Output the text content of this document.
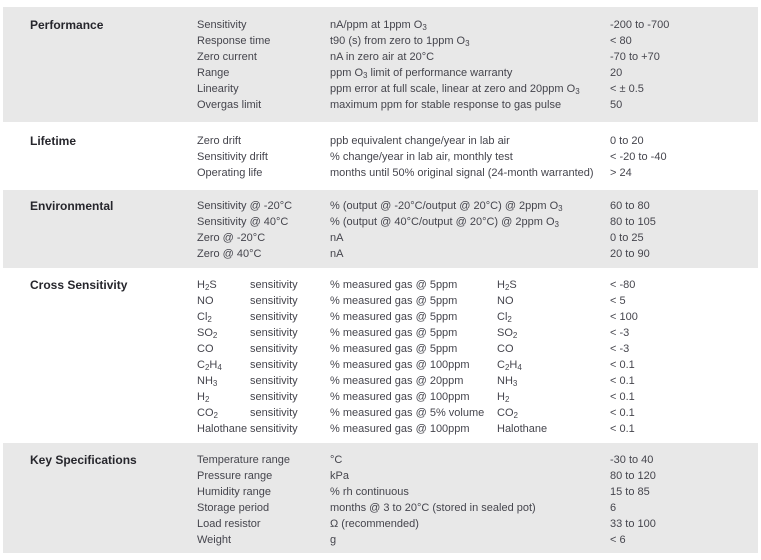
Performance	Sensitivity	nA/ppm at 1ppm $O_3$	-200 to -700
Response time	t90 (s) from zero to 1ppm $O_3$	< 80
Zero current	nA in zero air at 20°C	-70 to +70
Range	ppm $O_3$ limit of performance warranty	20
Linearity	ppm error at full scale, linear at zero and 20ppm $O_3$	< ± 0.5
Overgas limit	maximum ppm for stable response to gas pulse	50
Lifetime	Zero drift	ppb equivalent change/year in lab air	0 to 20
Sensitivity drift	% change/year in lab air, monthly test	< -20 to -40
Operating life	months until 50% original signal (24-month warranted)	> 24
Environmental	Sensitivity @ -20°C	% (output @ -20°C/output @ 20°C) @ 2ppm $O_3$	60 to 80
Sensitivity @ 40°C	% (output @ 40°C/output @ 20°C) @ 2ppm $O_3$	80 to 105
Zero @ -20°C	nA	0 to 25
Zero @ 40°C	nA	20 to 90
Cross Sensitivity	$H_2S$	sensitivity	% measured gas @ 5ppm	$H_2S$	< -80
NO	sensitivity	% measured gas @ 5ppm	NO	< 5
$Cl_2$	sensitivity	% measured gas @ 5ppm	$Cl_2$	< 100
$SO_2$	sensitivity	% measured gas @ 5ppm	$SO_2$	< -3
CO	sensitivity	% measured gas @ 5ppm	CO	< -3
$C_2H_4$	sensitivity	% measured gas @ 100ppm	$C_2H_4$	< 0.1
$NH_3$	sensitivity	% measured gas @ 20ppm	$NH_3$	< 0.1
$H_2$	sensitivity	% measured gas @ 100ppm	$H_2$	< 0.1
$CO_2$	sensitivity	% measured gas @ 5% volume	$CO_2$	< 0.1
Halothane sensitivity	% measured gas @ 100ppm	Halothane	< 0.1
Key Specifications	Temperature range	°C	-30 to 40
Pressure range	kPa	80 to 120
Humidity range	% rh continuous	15 to 85
Storage period	months @ 3 to 20°C (stored in sealed pot)	6
Load resistor	Ω (recommended)	33 to 100
Weight	g	< 6
